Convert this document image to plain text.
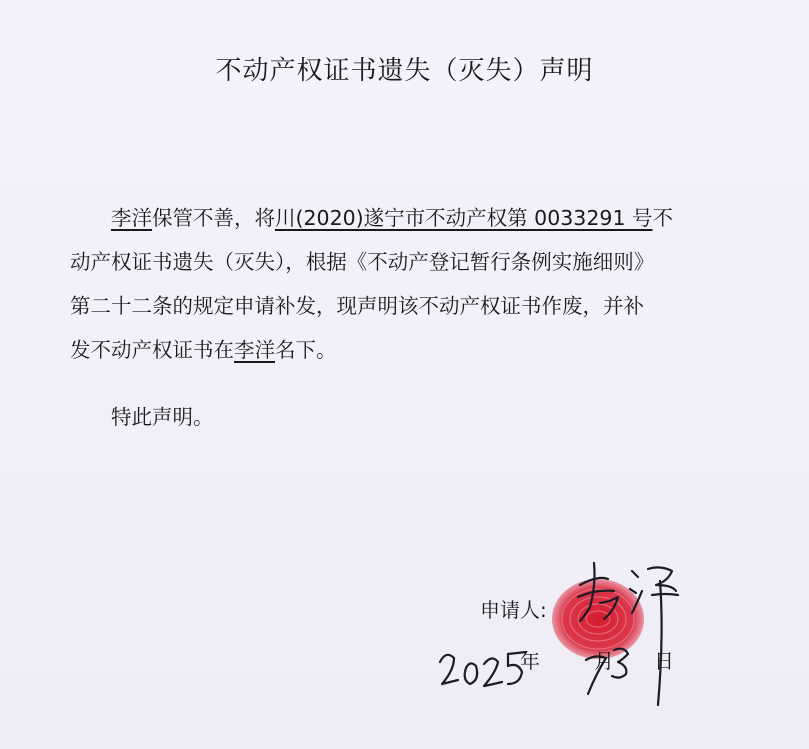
不动产权证书遗失（灭失）声明
李洋保管不善，将川(2020)遂宁市不动产权第 0033291 号不
动产权证书遗失（灭失），根据《不动产登记暂行条例实施细则》
第二十二条的规定申请补发，现声明该不动产权证书作废，并补
发不动产权证书在李洋名下。
特此声明。
申请人:
年	月 日
